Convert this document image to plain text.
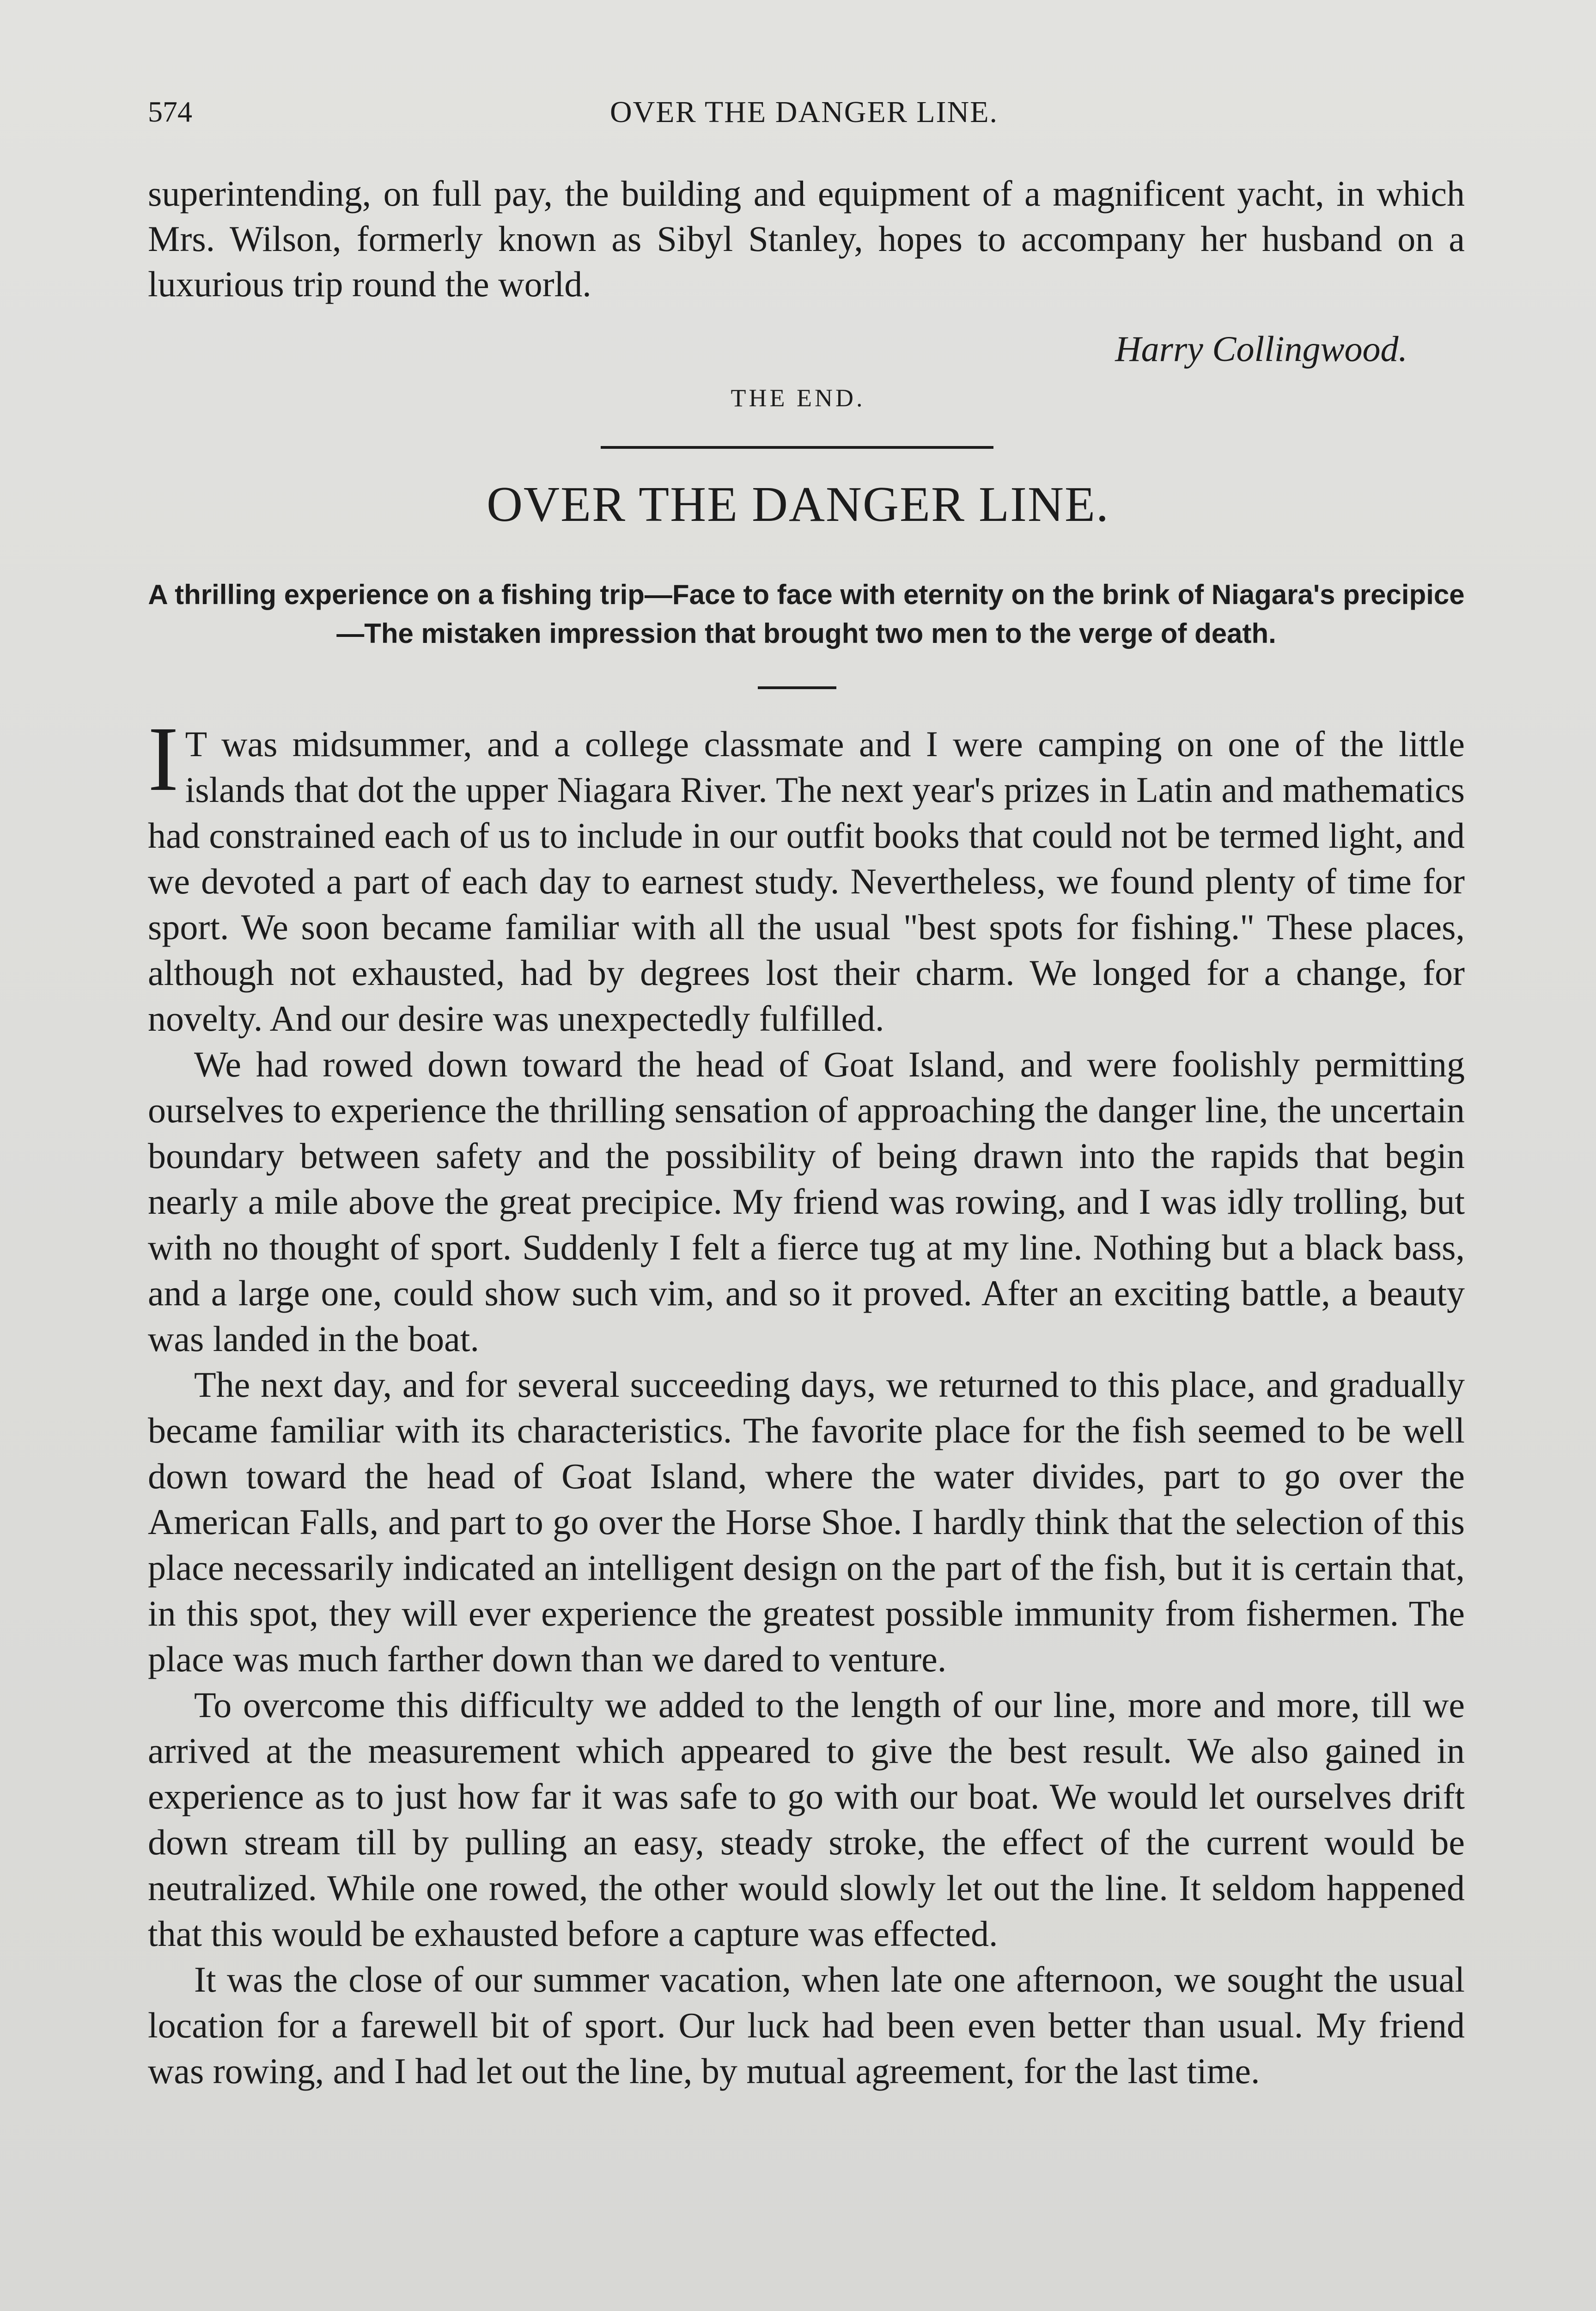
574	OVER THE DANGER LINE.
superintending, on full pay, the building and equipment of a magnificent yacht, in which Mrs. Wilson, formerly known as Sibyl Stanley, hopes to accompany her husband on a luxurious trip round the world.
Harry Collingwood.
THE END.
OVER THE DANGER LINE.
A thrilling experience on a fishing trip—Face to face with eternity on the brink of Niagara's precipice—The mistaken impression that brought two men to the verge of death.

I T was midsummer, and a college classmate and I were camping on one of the little islands that dot the upper Niagara River. The next year's prizes in Latin and mathematics had constrained each of us to include in our outfit books that could not be termed light, and we devoted a part of each day to earnest study. Nevertheless, we found plenty of time for sport. We soon became familiar with all the usual "best spots for fishing." These places, although not exhausted, had by degrees lost their charm. We longed for a change, for novelty. And our desire was unexpectedly fulfilled.

We had rowed down toward the head of Goat Island, and were foolishly permitting ourselves to experience the thrilling sensation of approaching the danger line, the uncertain boundary between safety and the possibility of being drawn into the rapids that begin nearly a mile above the great precipice. My friend was rowing, and I was idly trolling, but with no thought of sport. Suddenly I felt a fierce tug at my line. Nothing but a black bass, and a large one, could show such vim, and so it proved. After an exciting battle, a beauty was landed in the boat.

The next day, and for several succeeding days, we returned to this place, and gradually became familiar with its characteristics. The favorite place for the fish seemed to be well down toward the head of Goat Island, where the water divides, part to go over the American Falls, and part to go over the Horse Shoe. I hardly think that the selection of this place necessarily indicated an intelligent design on the part of the fish, but it is certain that, in this spot, they will ever experience the greatest possible immunity from fishermen. The place was much farther down than we dared to venture.

To overcome this difficulty we added to the length of our line, more and more, till we arrived at the measurement which appeared to give the best result. We also gained in experience as to just how far it was safe to go with our boat. We would let ourselves drift down stream till by pulling an easy, steady stroke, the effect of the current would be neutralized. While one rowed, the other would slowly let out the line. It seldom happened that this would be exhausted before a capture was effected.

It was the close of our summer vacation, when late one afternoon, we sought the usual location for a farewell bit of sport. Our luck had been even better than usual. My friend was rowing, and I had let out the line, by mutual agreement, for the last time.
